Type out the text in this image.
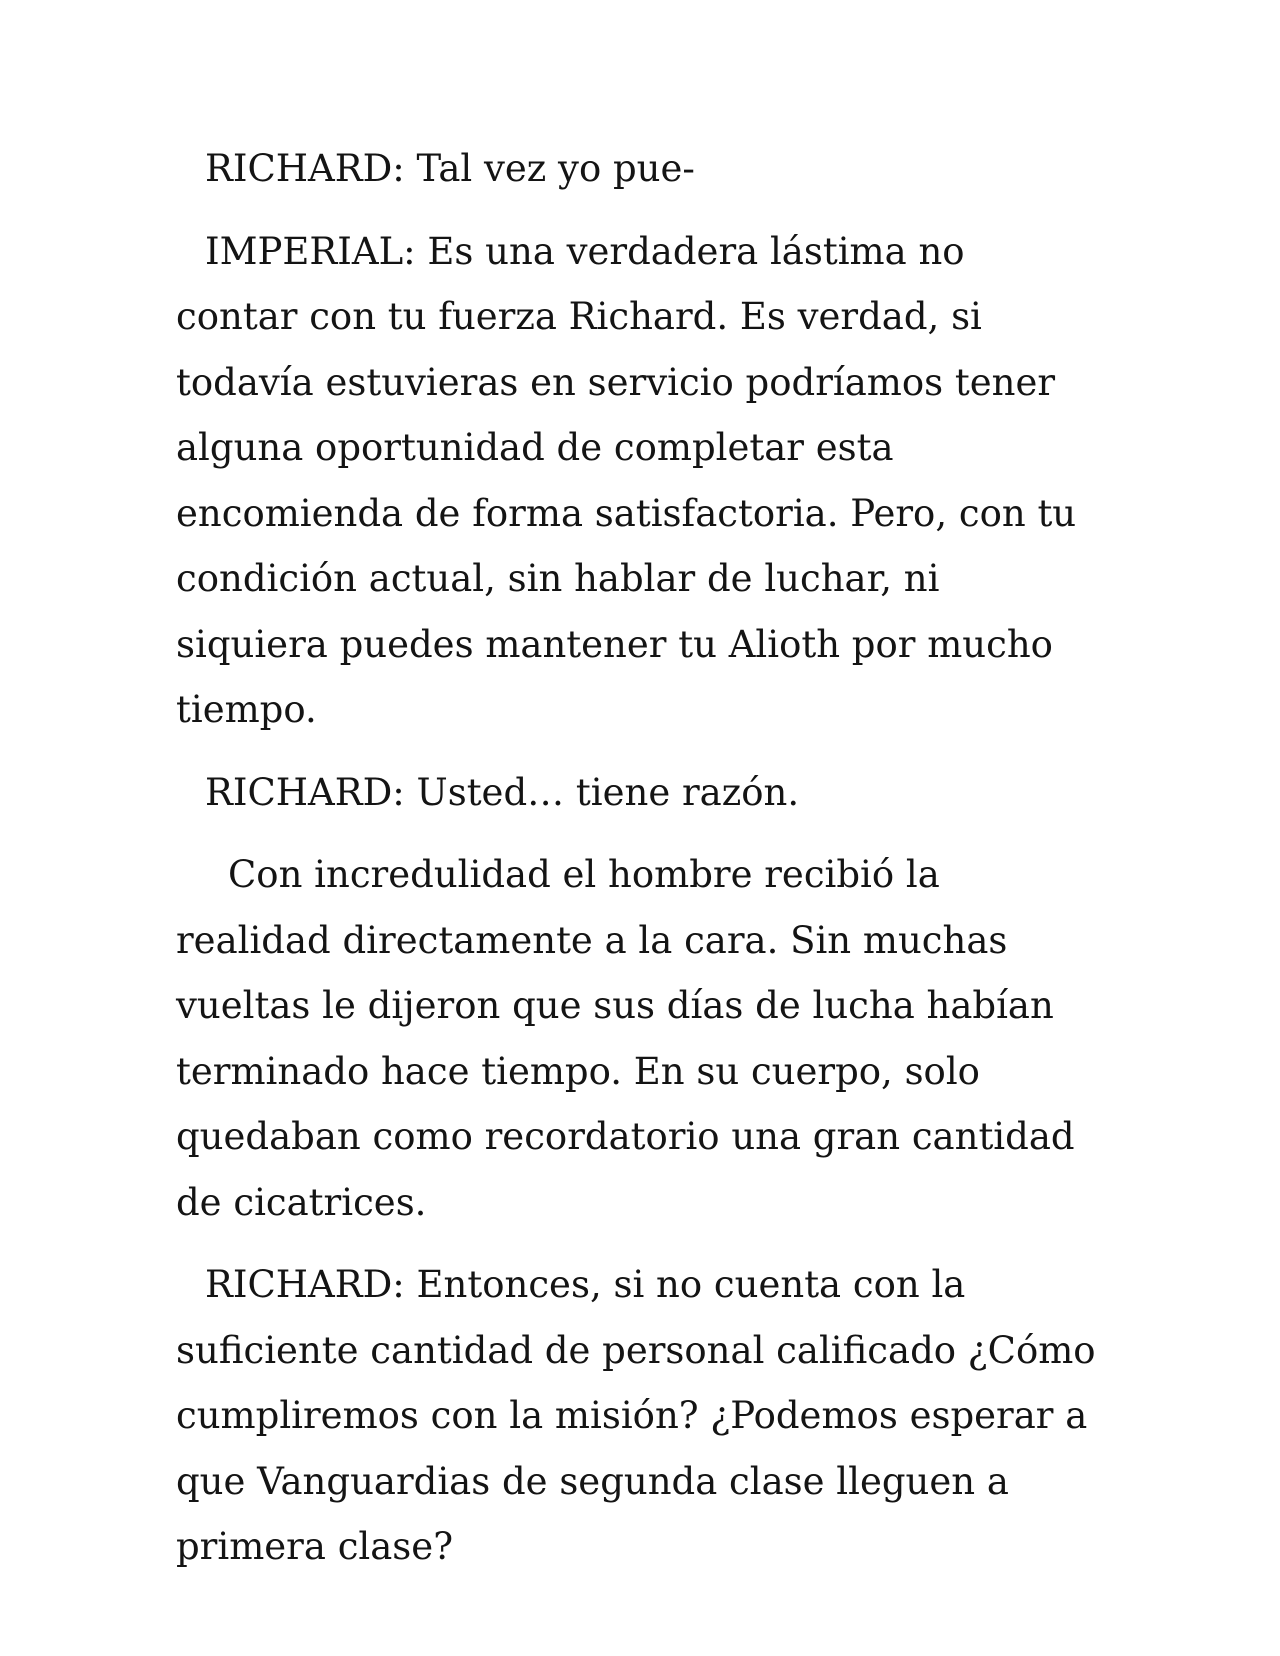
RICHARD: Tal vez yo pue-

IMPERIAL: Es una verdadera lástima no contar con tu fuerza Richard. Es verdad, si todavía estuvieras en servicio podríamos tener alguna oportunidad de completar esta encomienda de forma satisfactoria. Pero, con tu condición actual, sin hablar de luchar, ni siquiera puedes mantener tu Alioth por mucho tiempo.

RICHARD: Usted… tiene razón.

Con incredulidad el hombre recibió la realidad directamente a la cara. Sin muchas vueltas le dijeron que sus días de lucha habían terminado hace tiempo. En su cuerpo, solo quedaban como recordatorio una gran cantidad de cicatrices.

RICHARD: Entonces, si no cuenta con la suficiente cantidad de personal calificado ¿Cómo cumpliremos con la misión? ¿Podemos esperar a que Vanguardias de segunda clase lleguen a primera clase?
